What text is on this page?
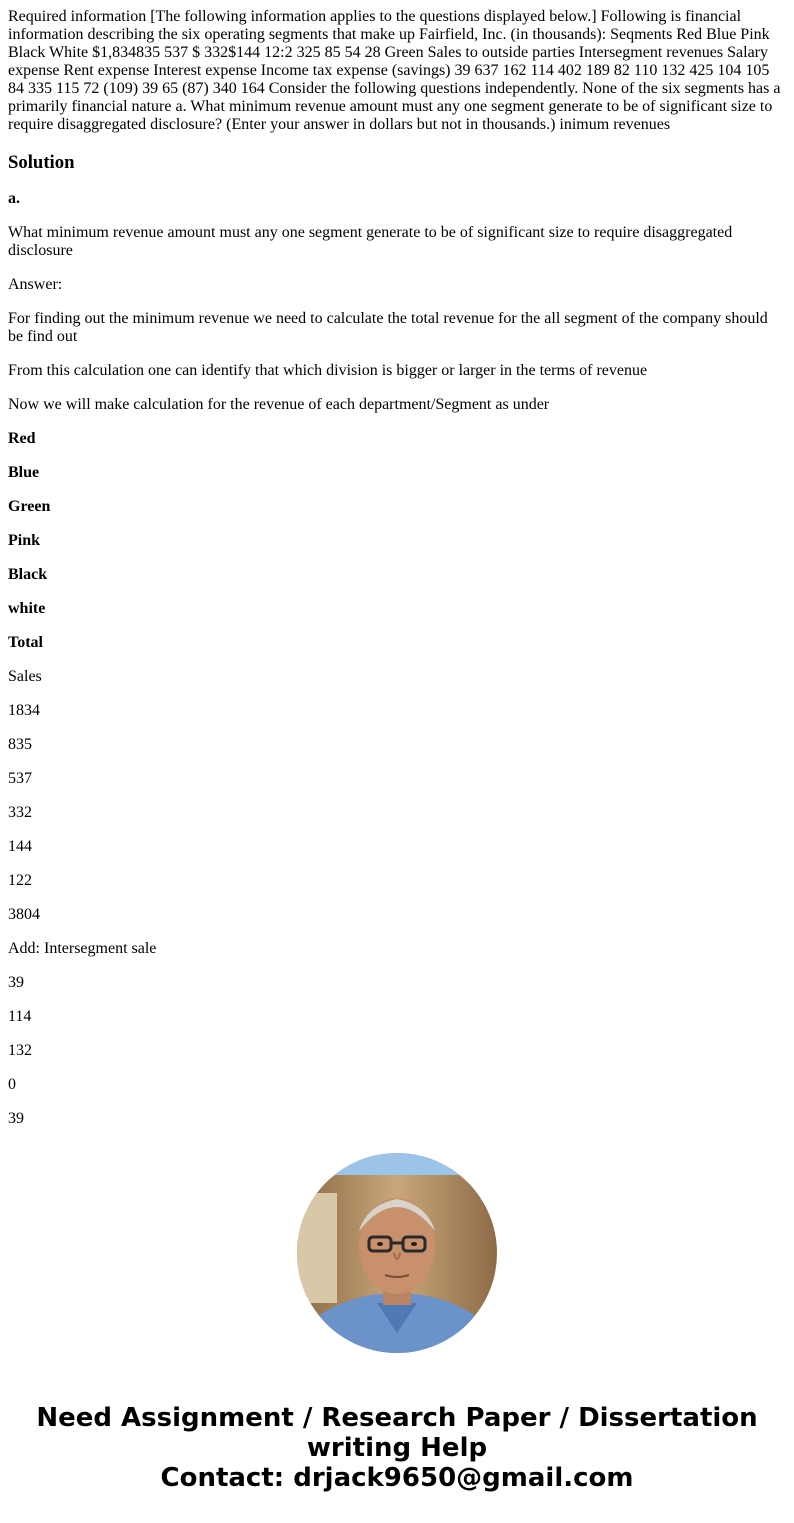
Required information [The following information applies to the questions displayed below.] Following is financial information describing the six operating segments that make up Fairfield, Inc. (in thousands): Seqments Red Blue Pink Black White $1,834835 537 $ 332$144 12:2 325 85 54 28 Green Sales to outside parties Intersegment revenues Salary expense Rent expense Interest expense Income tax expense (savings) 39 637 162 114 402 189 82 110 132 425 104 105 84 335 115 72 (109) 39 65 (87) 340 164 Consider the following questions independently. None of the six segments has a primarily financial nature a. What minimum revenue amount must any one segment generate to be of significant size to require disaggregated disclosure? (Enter your answer in dollars but not in thousands.) inimum revenues
Solution

a.

What minimum revenue amount must any one segment generate to be of significant size to require disaggregated disclosure

Answer:

For finding out the minimum revenue we need to calculate the total revenue for the all segment of the company should be find out

From this calculation one can identify that which division is bigger or larger in the terms of revenue

Now we will make calculation for the revenue of each department/Segment as under

Red

Blue

Green

Pink

Black

white

Total

Sales

1834

835

537

332

144

122

3804

Add: Intersegment sale

39

114

132

0

39

Need Assignment / Research Paper / Dissertation
writing Help
Contact: drjack9650@gmail.com
